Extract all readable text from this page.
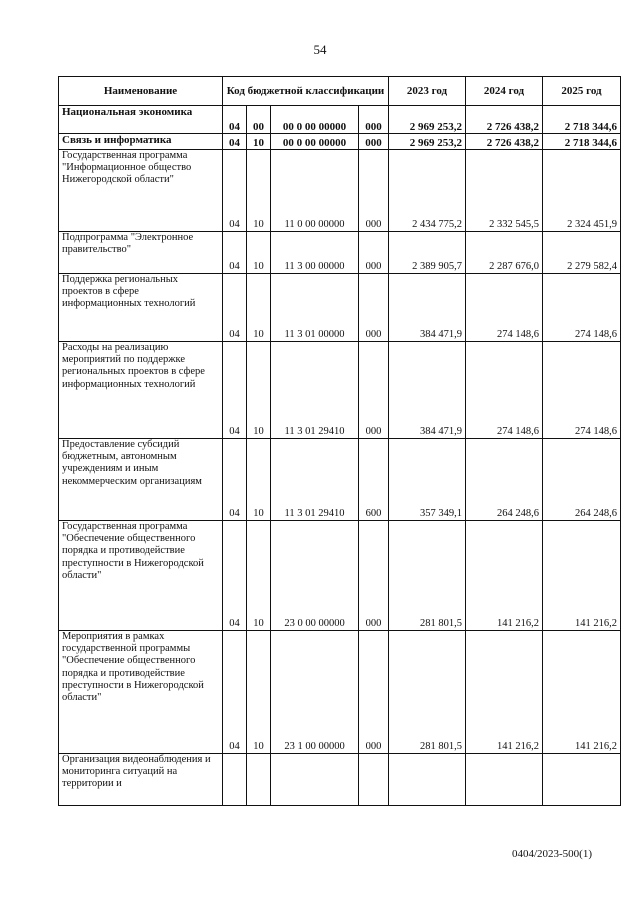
54
Наименование	Код бюджетной классификации				2023 год	2024 год	2025 год
Национальная экономика	04	00	00 0 00 00000	000	2 969 253,2	2 726 438,2	2 718 344,6
Связь и информатика	04	10	00 0 00 00000	000	2 969 253,2	2 726 438,2	2 718 344,6
Государственная программа "Информационное общество Нижегородской области"	04	10	11 0 00 00000	000	2 434 775,2	2 332 545,5	2 324 451,9
Подпрограмма "Электронное правительство"	04	10	11 3 00 00000	000	2 389 905,7	2 287 676,0	2 279 582,4
Поддержка региональных проектов в сфере информационных технологий	04	10	11 3 01 00000	000	384 471,9	274 148,6	274 148,6
Расходы на реализацию мероприятий по поддержке региональных проектов в сфере информационных технологий	04	10	11 3 01 29410	000	384 471,9	274 148,6	274 148,6
Предоставление субсидий бюджетным, автономным учреждениям и иным некоммерческим организациям	04	10	11 3 01 29410	600	357 349,1	264 248,6	264 248,6
Государственная программа "Обеспечение общественного порядка и противодействие преступности в Нижегородской области"	04	10	23 0 00 00000	000	281 801,5	141 216,2	141 216,2
Мероприятия в рамках государственной программы "Обеспечение общественного порядка и противодействие преступности в Нижегородской области"	04	10	23 1 00 00000	000	281 801,5	141 216,2	141 216,2
Организация видеонаблюдения и мониторинга ситуаций на территории и							
0404/2023-500(1)
